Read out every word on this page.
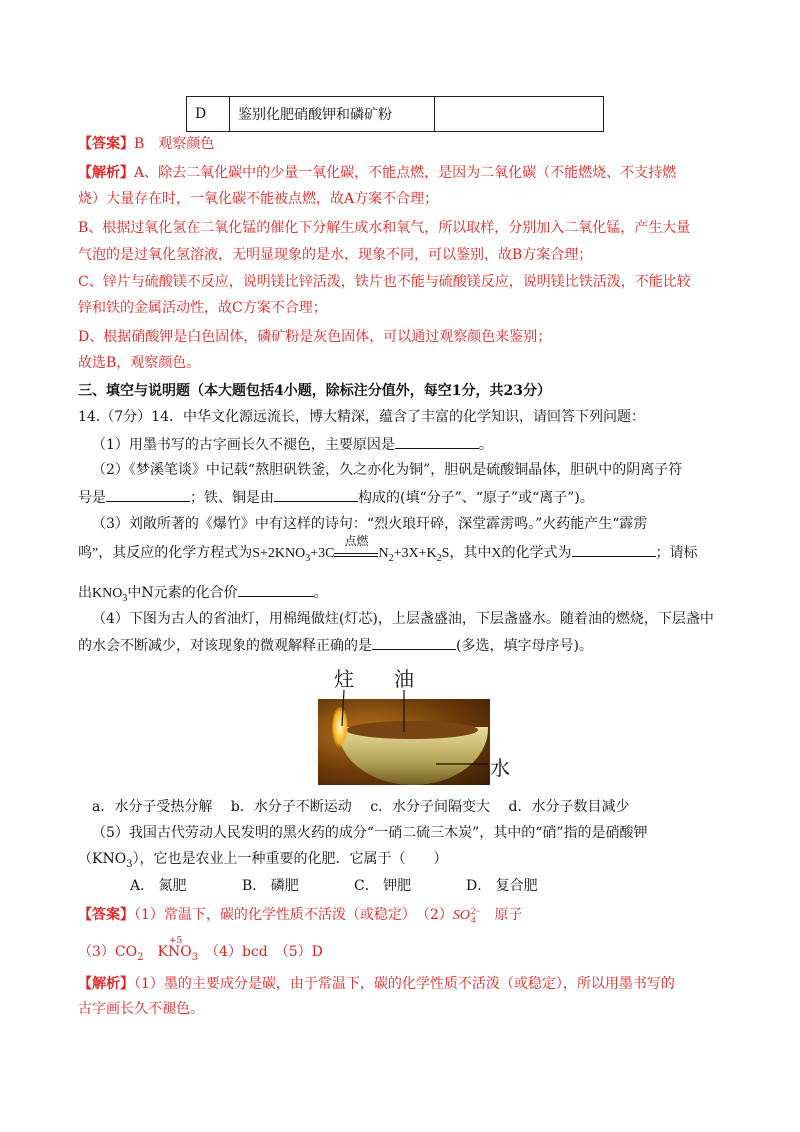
D	鉴别化肥硝酸钾和磷矿粉	
【答案】B　观察颜色
【解析】A、除去二氧化碳中的少量一氧化碳，不能点燃，是因为二氧化碳（不能燃烧、不支持燃
烧）大量存在时，一氧化碳不能被点燃，故A方案不合理；
B、根据过氧化氢在二氧化锰的催化下分解生成水和氧气，所以取样，分别加入二氧化锰，产生大量
气泡的是过氧化氢溶液，无明显现象的是水，现象不同，可以鉴别，故B方案合理；
C、锌片与硫酸镁不反应，说明镁比锌活泼，铁片也不能与硫酸镁反应，说明镁比铁活泼，不能比较
锌和铁的金属活动性，故C方案不合理；
D、根据硝酸钾是白色固体，磷矿粉是灰色固体，可以通过观察颜色来鉴别；
故选B，观察颜色。
三、填空与说明题（本大题包括4小题，除标注分值外，每空1分，共23分）
14.（7分）14．中华文化源远流长，博大精深，蕴含了丰富的化学知识，请回答下列问题：
（1）用墨书写的古字画长久不褪色，主要原因是	。
（2）《梦溪笔谈》中记载“熬胆矾铁釜，久之亦化为铜”，胆矾是硫酸铜晶体，胆矾中的阴离子符
号是	；铁、铜是由	构成的(填“分子”、“原子”或“离子”)。
（3）刘敞所著的《爆竹》中有这样的诗句：“烈火琅玕碎，深堂霹雳鸣。”火药能产生“霹雳
鸣”，其反应的化学方程式为$S+2KNO_3+3C$
点燃
$N_2+3X+K_2S$，其中X的化学式为	；请标
出$KNO_3$中N元素的化合价	。
（4）下图为古人的省油灯，用棉绳做炷(灯芯)，上层盏盛油，下层盏盛水。随着油的燃烧，下层盏中
的水会不断减少，对该现象的微观解释正确的是	(多选，填字母序号)。
炷 油
水
a．水分子受热分解　 b．水分子不断运动　 c．水分子间隔变大　 d．水分子数目减少
（5）我国古代劳动人民发明的黑火药的成分“一硝二硫三木炭”，其中的“硝”指的是硝酸钾
$(KNO_3)$，它也是农业上一种重要的化肥．它属于（　　）
A． 氮肥	B． 磷肥	C． 钾肥	D． 复合肥
【答案】（1）常温下，碳的化学性质不活泼（或稳定）　（2）SO2−
4　原子
$(3)CO_2$　K
+5
$NO_3$　（4）bcd　（5）D
【解析】（1）墨的主要成分是碳，由于常温下，碳的化学性质不活泼（或稳定），所以用墨书写的
古字画长久不褪色。
